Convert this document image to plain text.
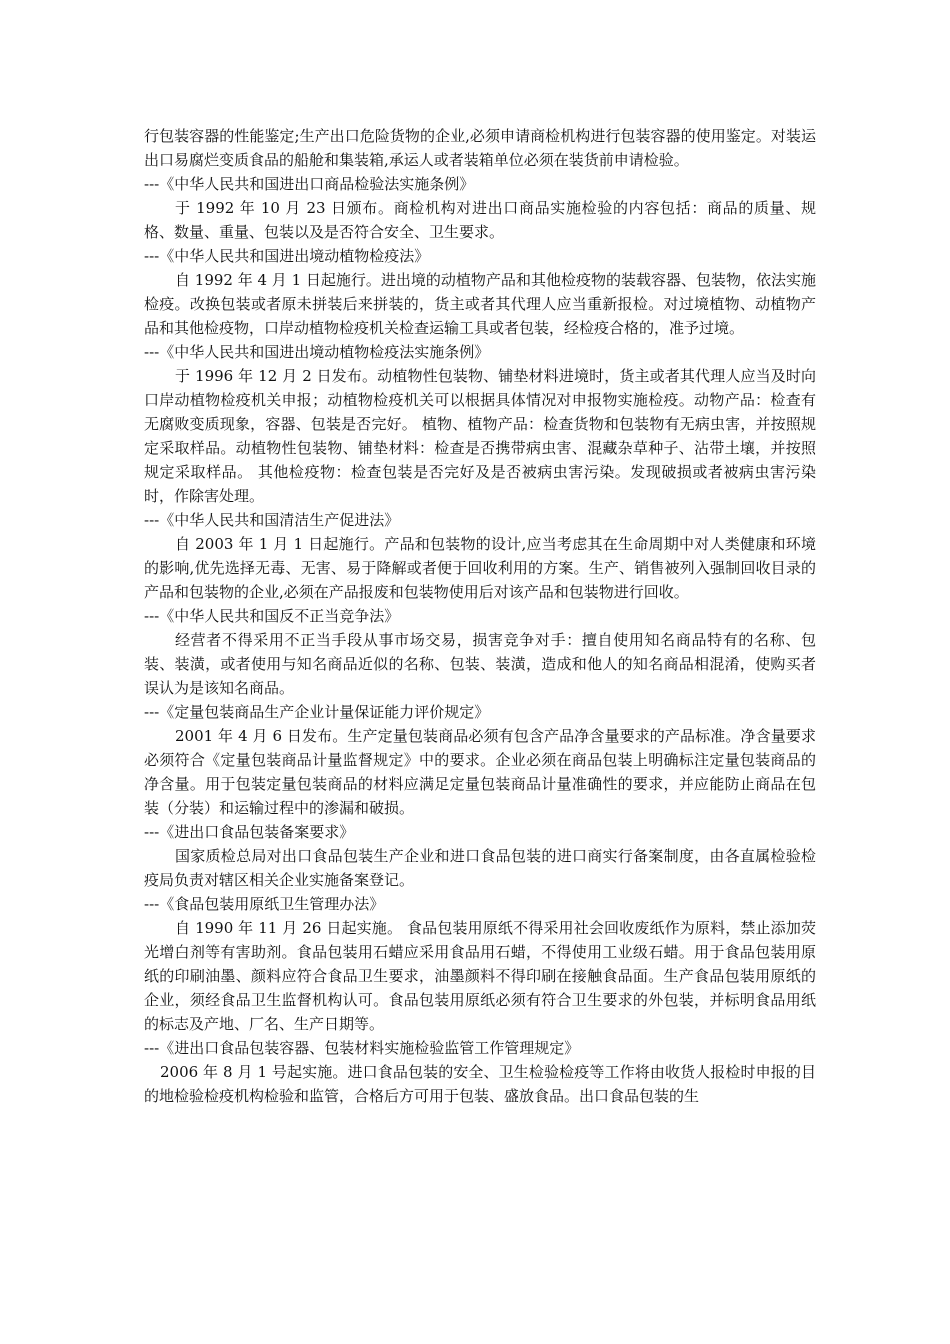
行包装容器的性能鉴定;生产出口危险货物的企业,必须申请商检机构进行包装容器的使用鉴定。对装运出口易腐烂变质食品的船舱和集装箱,承运人或者装箱单位必须在装货前申请检验。

---《中华人民共和国进出口商品检验法实施条例》

于 1992 年 10 月 23 日颁布。商检机构对进出口商品实施检验的内容包括：商品的质量、规格、数量、重量、包装以及是否符合安全、卫生要求。

---《中华人民共和国进出境动植物检疫法》

自 1992 年 4 月 1 日起施行。进出境的动植物产品和其他检疫物的装载容器、包装物，依法实施检疫。改换包装或者原未拼装后来拼装的，货主或者其代理人应当重新报检。对过境植物、动植物产品和其他检疫物，口岸动植物检疫机关检查运输工具或者包装，经检疫合格的，准予过境。

---《中华人民共和国进出境动植物检疫法实施条例》

于 1996 年 12 月 2 日发布。动植物性包装物、铺垫材料进境时，货主或者其代理人应当及时向口岸动植物检疫机关申报；动植物检疫机关可以根据具体情况对申报物实施检疫。动物产品：检查有无腐败变质现象，容器、包装是否完好。 植物、植物产品：检查货物和包装物有无病虫害，并按照规定采取样品。动植物性包装物、铺垫材料：检查是否携带病虫害、混藏杂草种子、沾带土壤，并按照规定采取样品。 其他检疫物：检查包装是否完好及是否被病虫害污染。发现破损或者被病虫害污染时，作除害处理。

---《中华人民共和国清洁生产促进法》

自 2003 年 1 月 1 日起施行。产品和包装物的设计,应当考虑其在生命周期中对人类健康和环境的影响,优先选择无毒、无害、易于降解或者便于回收利用的方案。生产、销售被列入强制回收目录的产品和包装物的企业,必须在产品报废和包装物使用后对该产品和包装物进行回收。

---《中华人民共和国反不正当竞争法》

经营者不得采用不正当手段从事市场交易，损害竞争对手：擅自使用知名商品特有的名称、包装、装潢，或者使用与知名商品近似的名称、包装、装潢，造成和他人的知名商品相混淆，使购买者误认为是该知名商品。

---《定量包装商品生产企业计量保证能力评价规定》

2001 年 4 月 6 日发布。生产定量包装商品必须有包含产品净含量要求的产品标准。净含量要求必须符合《定量包装商品计量监督规定》中的要求。企业必须在商品包装上明确标注定量包装商品的净含量。用于包装定量包装商品的材料应满足定量包装商品计量准确性的要求，并应能防止商品在包装（分装）和运输过程中的渗漏和破损。

---《进出口食品包装备案要求》

国家质检总局对出口食品包装生产企业和进口食品包装的进口商实行备案制度，由各直属检验检疫局负责对辖区相关企业实施备案登记。

---《食品包装用原纸卫生管理办法》

自 1990 年 11 月 26 日起实施。 食品包装用原纸不得采用社会回收废纸作为原料，禁止添加荧光增白剂等有害助剂。食品包装用石蜡应采用食品用石蜡，不得使用工业级石蜡。用于食品包装用原纸的印刷油墨、颜料应符合食品卫生要求，油墨颜料不得印刷在接触食品面。生产食品包装用原纸的企业，须经食品卫生监督机构认可。食品包装用原纸必须有符合卫生要求的外包装，并标明食品用纸的标志及产地、厂名、生产日期等。

---《进出口食品包装容器、包装材料实施检验监管工作管理规定》

2006 年 8 月 1 号起实施。进口食品包装的安全、卫生检验检疫等工作将由收货人报检时申报的目的地检验检疫机构检验和监管，合格后方可用于包装、盛放食品。出口食品包装的生
